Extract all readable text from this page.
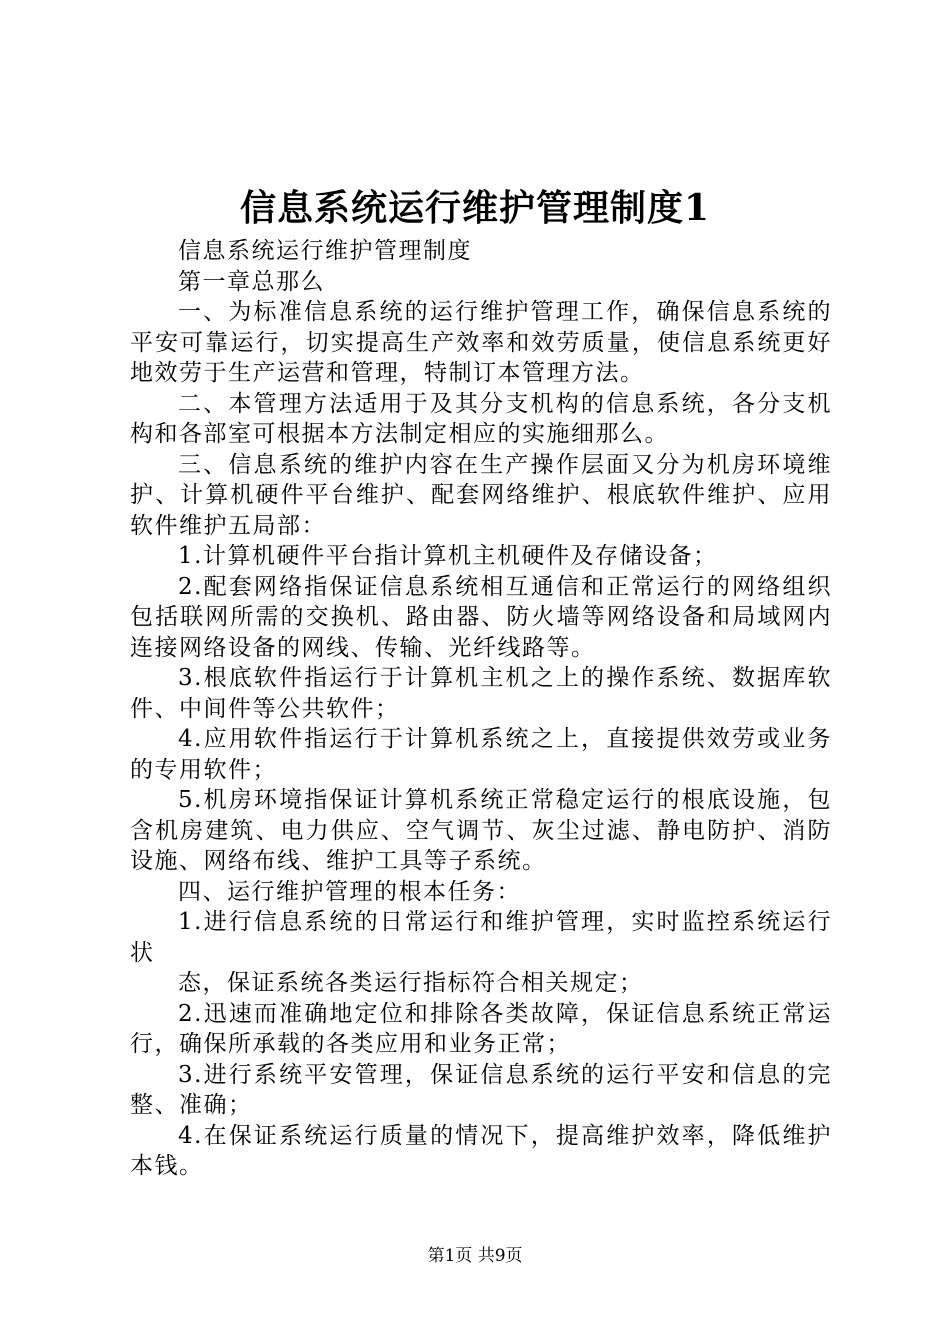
信息系统运行维护管理制度1

信息系统运行维护管理制度

第一章总那么

一、为标准信息系统的运行维护管理工作，确保信息系统的平安可靠运行，切实提高生产效率和效劳质量，使信息系统更好地效劳于生产运营和管理，特制订本管理方法。

二、本管理方法适用于及其分支机构的信息系统，各分支机构和各部室可根据本方法制定相应的实施细那么。

三、信息系统的维护内容在生产操作层面又分为机房环境维护、计算机硬件平台维护、配套网络维护、根底软件维护、应用软件维护五局部：

1.计算机硬件平台指计算机主机硬件及存储设备；

2.配套网络指保证信息系统相互通信和正常运行的网络组织包括联网所需的交换机、路由器、防火墙等网络设备和局域网内连接网络设备的网线、传输、光纤线路等。

3.根底软件指运行于计算机主机之上的操作系统、数据库软件、中间件等公共软件；

4.应用软件指运行于计算机系统之上，直接提供效劳或业务的专用软件；

5.机房环境指保证计算机系统正常稳定运行的根底设施，包含机房建筑、电力供应、空气调节、灰尘过滤、静电防护、消防设施、网络布线、维护工具等子系统。

四、运行维护管理的根本任务：

1.进行信息系统的日常运行和维护管理，实时监控系统运行状

态，保证系统各类运行指标符合相关规定；

2.迅速而准确地定位和排除各类故障，保证信息系统正常运行，确保所承载的各类应用和业务正常；

3.进行系统平安管理，保证信息系统的运行平安和信息的完整、准确；

4.在保证系统运行质量的情况下，提高维护效率，降低维护本钱。

第1页 共9页
